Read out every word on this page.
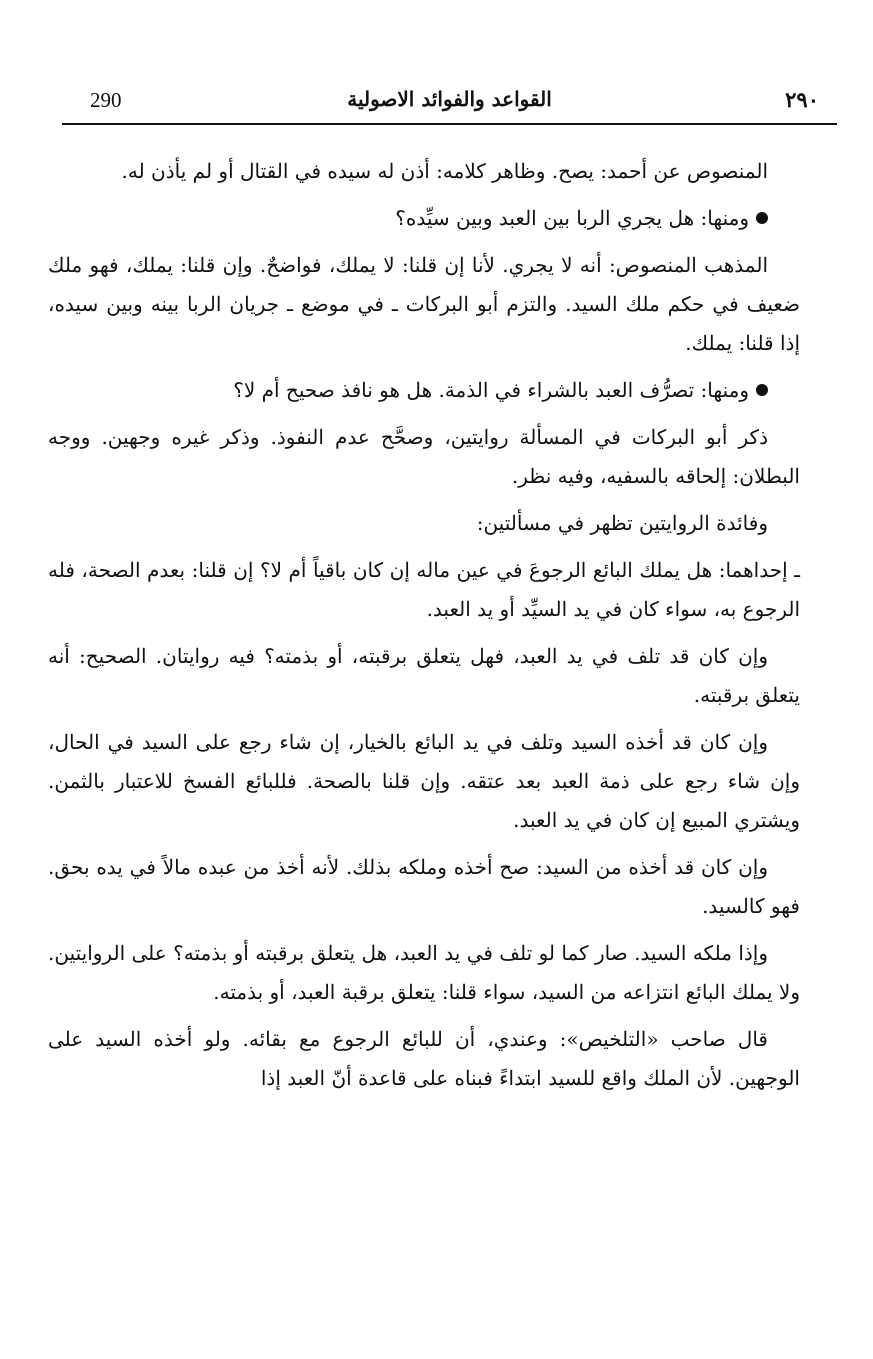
290	القواعد والفوائد الاصولية	٢٩٠

المنصوص عن أحمد: يصح. وظاهر كلامه: أذن له سيده في القتال أو لم يأذن له.

ومنها: هل يجري الربا بين العبد وبين سيِّده؟

المذهب المنصوص: أنه لا يجري. لأنا إن قلنا: لا يملك، فواضحٌ. وإن قلنا: يملك، فهو ملك ضعيف في حكم ملك السيد. والتزم أبو البركات ـ في موضع ـ جريان الربا بينه وبين سيده، إذا قلنا: يملك.

ومنها: تصرُّف العبد بالشراء في الذمة. هل هو نافذ صحيح أم لا؟

ذكر أبو البركات في المسألة روايتين، وصحَّح عدم النفوذ. وذكر غيره وجهين. ووجه البطلان: إلحاقه بالسفيه، وفيه نظر.

وفائدة الروايتين تظهر في مسألتين:

ـ إحداهما: هل يملك البائع الرجوعَ في عين ماله إن كان باقياً أم لا؟ إن قلنا: بعدم الصحة، فله الرجوع به، سواء كان في يد السيِّد أو يد العبد.

وإن كان قد تلف في يد العبد، فهل يتعلق برقبته، أو بذمته؟ فيه روايتان. الصحيح: أنه يتعلق برقبته.

وإن كان قد أخذه السيد وتلف في يد البائع بالخيار، إن شاء رجع على السيد في الحال، وإن شاء رجع على ذمة العبد بعد عتقه. وإن قلنا بالصحة. فللبائع الفسخ للاعتبار بالثمن. ويشتري المبيع إن كان في يد العبد.

وإن كان قد أخذه من السيد: صح أخذه وملكه بذلك. لأنه أخذ من عبده مالاً في يده بحق. فهو كالسيد.

وإذا ملكه السيد. صار كما لو تلف في يد العبد، هل يتعلق برقبته أو بذمته؟ على الروايتين. ولا يملك البائع انتزاعه من السيد، سواء قلنا: يتعلق برقبة العبد، أو بذمته.

قال صاحب «التلخيص»: وعندي، أن للبائع الرجوع مع بقائه. ولو أخذه السيد على الوجهين. لأن الملك واقع للسيد ابتداءً فبناه على قاعدة أنّ العبد إذا
